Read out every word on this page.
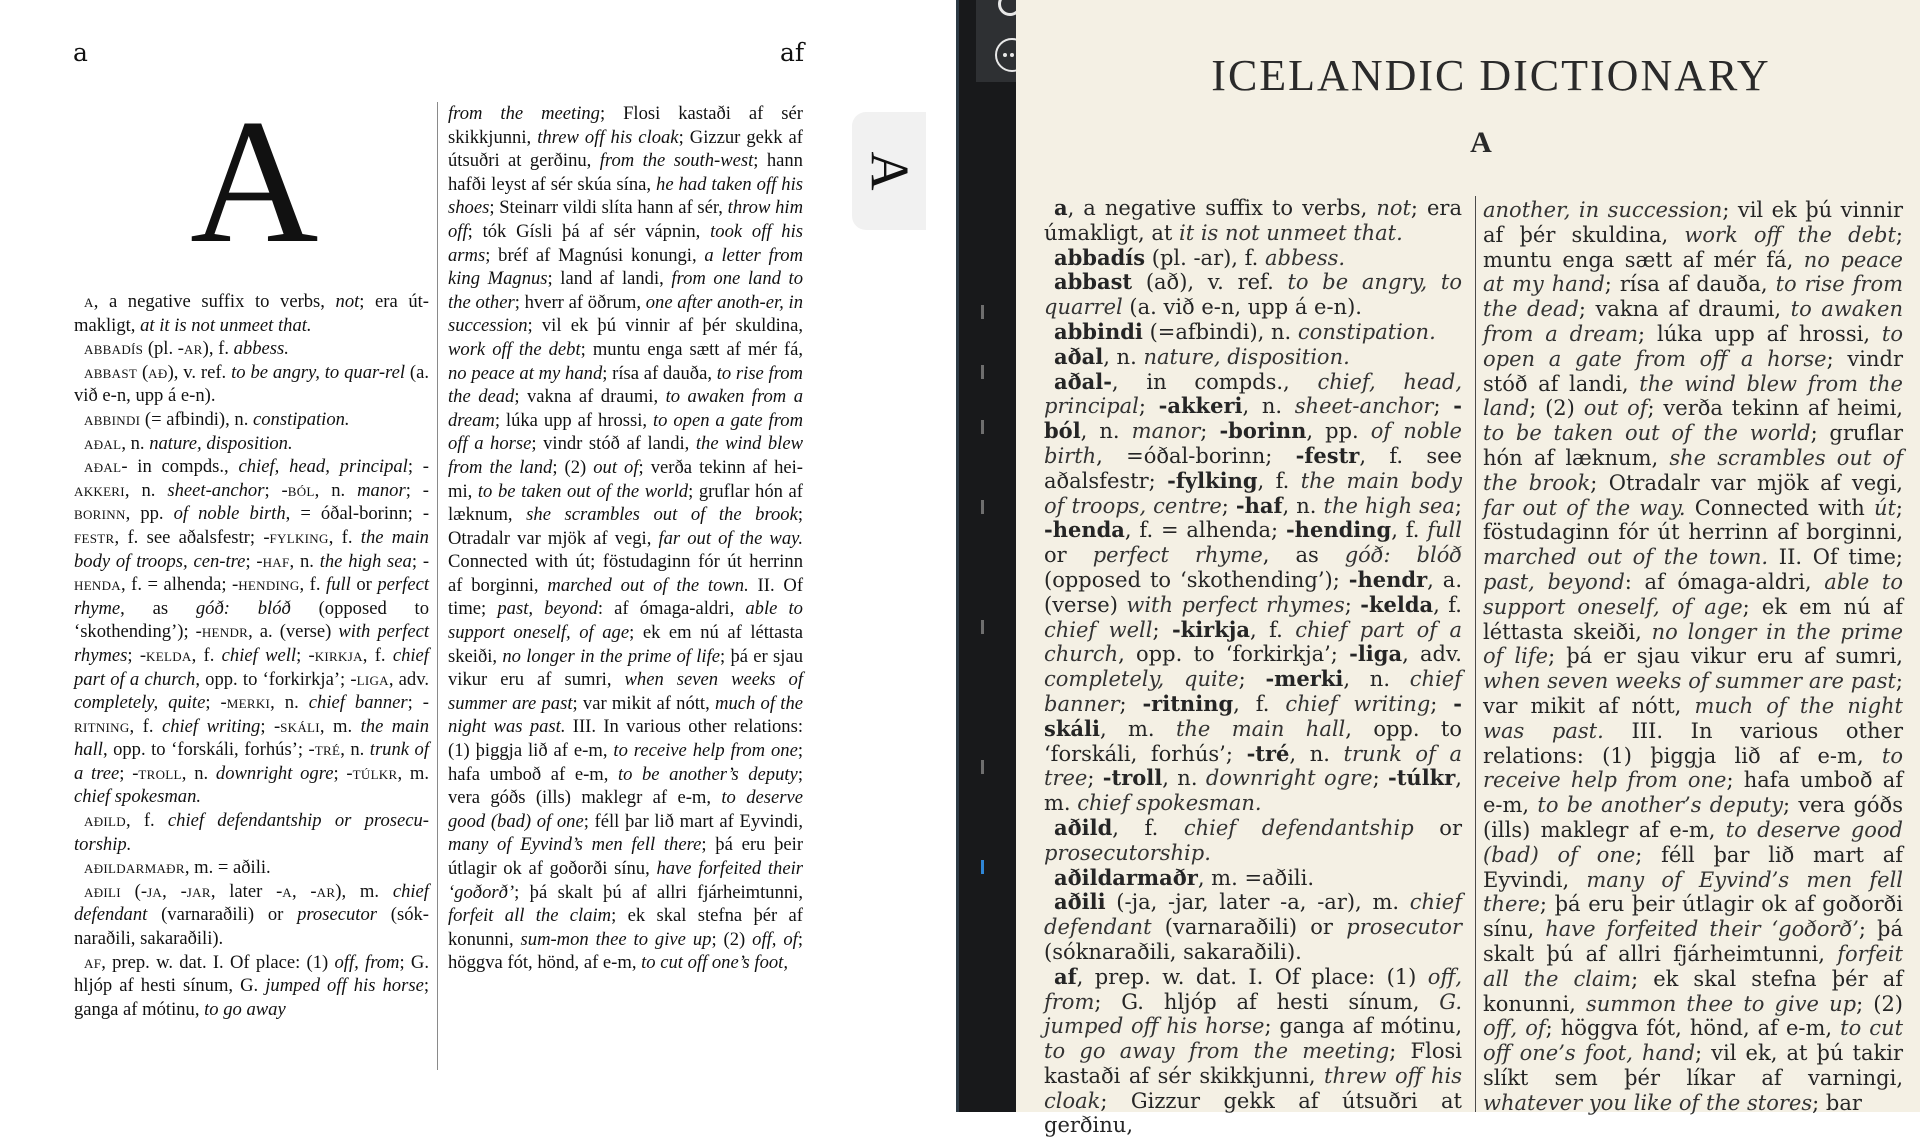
a	af
A

a, a negative suffix to verbs, not; era út-makligt, at it is not unmeet that.

abbadís (pl. -ar), f. abbess.

abbast (að), v. ref. to be angry, to quar-rel (a. við e-n, upp á e-n).

abbindi (= afbindi), n. constipation.

aðal, n. nature, disposition.

aðal- in compds., chief, head, principal; -akkeri, n. sheet-anchor; -ból, n. manor; -borinn, pp. of noble birth, = óðal-borinn; -festr, f. see aðalsfestr; -fylking, f. the main body of troops, cen-tre; -haf, n. the high sea; -henda, f. = alhenda; -hending, f. full or perfect rhyme, as góð: blóð (opposed to ‘skothending’); -hendr, a. (verse) with perfect rhymes; -kelda, f. chief well; -kirkja, f. chief part of a church, opp. to ‘forkirkja’; -liga, adv. completely, quite; -merki, n. chief banner; -ritning, f. chief writing; -skáli, m. the main hall, opp. to ‘forskáli, forhús’; -tré, n. trunk of a tree; -troll, n. downright ogre; -túlkr, m. chief spokesman.

aðild, f. chief defendantship or prosecu-torship.

aðildarmaðr, m. = aðili.

aðili (-ja, -jar, later -a, -ar), m. chief defendant (varnaraðili) or prosecutor (sók-naraðili, sakaraðili).

af, prep. w. dat. I. Of place: (1) off, from; G. hljóp af hesti sínum, G. jumped off his horse; ganga af mótinu, to go away

from the meeting; Flosi kastaði af sér skikkjunni, threw off his cloak; Gizzur gekk af útsuðri at gerðinu, from the south-west; hann hafði leyst af sér skúa sína, he had taken off his shoes; Steinarr vildi slíta hann af sér, throw him off; tók Gísli þá af sér vápnin, took off his arms; bréf af Magnúsi konungi, a letter from king Magnus; land af landi, from one land to the other; hverr af öðrum, one after anoth-er, in succession; vil ek þú vinnir af þér skuldina, work off the debt; muntu enga sætt af mér fá, no peace at my hand; rísa af dauða, to rise from the dead; vakna af draumi, to awaken from a dream; lúka upp af hrossi, to open a gate from off a horse; vindr stóð af landi, the wind blew from the land; (2) out of; verða tekinn af hei-mi, to be taken out of the world; gruflar hón af læknum, she scrambles out of the brook; Otradalr var mjök af vegi, far out of the way. Connected with út; föstudaginn fór út herrinn af borginni, marched out of the town. II. Of time; past, beyond: af ómaga-aldri, able to support oneself, of age; ek em nú af léttasta skeiði, no longer in the prime of life; þá er sjau vikur eru af sumri, when seven weeks of summer are past; var mikit af nótt, much of the night was past. III. In various other relations: (1) þiggja lið af e-m, to receive help from one; hafa umboð af e-m, to be another’s deputy; vera góðs (ills) maklegr af e-m, to deserve good (bad) of one; féll þar lið mart af Eyvindi, many of Eyvind’s men fell there; þá eru þeir útlagir ok af goðorði sínu, have forfeited their ‘goðorð’; þá skalt þú af allri fjárheimtunni, forfeit all the claim; ek skal stefna þér af konunni, sum-mon thee to give up; (2) off, of; höggva fót, hönd, af e-m, to cut off one’s foot,

A
ICELANDIC DICTIONARY
A

a, a negative suffix to verbs, not; era úmakligt, at it is not unmeet that.

abbadís (pl. -ar), f. abbess.

abbast (að), v. ref. to be angry, to quarrel (a. við e-n, upp á e-n).

abbindi (=afbindi), n. constipation.

aðal, n. nature, disposition.

aðal-, in compds., chief, head, principal; -akkeri, n. sheet-anchor; -ból, n. manor; -borinn, pp. of noble birth, =óðal-borinn; -festr, f. see aðalsfestr; -fylking, f. the main body of troops, centre; -haf, n. the high sea; -henda, f. = alhenda; -hending, f. full or perfect rhyme, as góð: blóð (opposed to ‘skothending’); -hendr, a. (verse) with perfect rhymes; -kelda, f. chief well; -kirkja, f. chief part of a church, opp. to ‘forkirkja’; -liga, adv. completely, quite; -merki, n. chief banner; -ritning, f. chief writing; -skáli, m. the main hall, opp. to ‘forskáli, forhús’; -tré, n. trunk of a tree; -troll, n. downright ogre; -túlkr, m. chief spokesman.

aðild, f. chief defendantship or prosecutorship.

aðildarmaðr, m. =aðili.

aðili (-ja, -jar, later -a, -ar), m. chief defendant (varnaraðili) or prosecutor (sóknaraðili, sakaraðili).

af, prep. w. dat. I. Of place: (1) off, from; G. hljóp af hesti sínum, G. jumped off his horse; ganga af mótinu, to go away from the meeting; Flosi kastaði af sér skikkjunni, threw off his cloak; Gizzur gekk af útsuðri at gerðinu,

another, in succession; vil ek þú vinnir af þér skuldina, work off the debt; muntu enga sætt af mér fá, no peace at my hand; rísa af dauða, to rise from the dead; vakna af draumi, to awaken from a dream; lúka upp af hrossi, to open a gate from off a horse; vindr stóð af landi, the wind blew from the land; (2) out of; verða tekinn af heimi, to be taken out of the world; gruflar hón af læknum, she scrambles out of the brook; Otradalr var mjök af vegi, far out of the way. Connected with út; föstudaginn fór út herrinn af borginni, marched out of the town. II. Of time; past, beyond: af ómaga-aldri, able to support oneself, of age; ek em nú af léttasta skeiði, no longer in the prime of life; þá er sjau vikur eru af sumri, when seven weeks of summer are past; var mikit af nótt, much of the night was past. III. In various other relations: (1) þiggja lið af e-m, to receive help from one; hafa umboð af e-m, to be another’s deputy; vera góðs (ills) maklegr af e-m, to deserve good (bad) of one; féll þar lið mart af Eyvindi, many of Eyvind’s men fell there; þá eru þeir útlagir ok af goðorði sínu, have forfeited their ‘goðorð’; þá skalt þú af allri fjárheimtunni, forfeit all the claim; ek skal stefna þér af konunni, summon thee to give up; (2) off, of; höggva fót, hönd, af e-m, to cut off one’s foot, hand; vil ek, at þú takir slíkt sem þér líkar af varningi, whatever you like of the stores; bar
